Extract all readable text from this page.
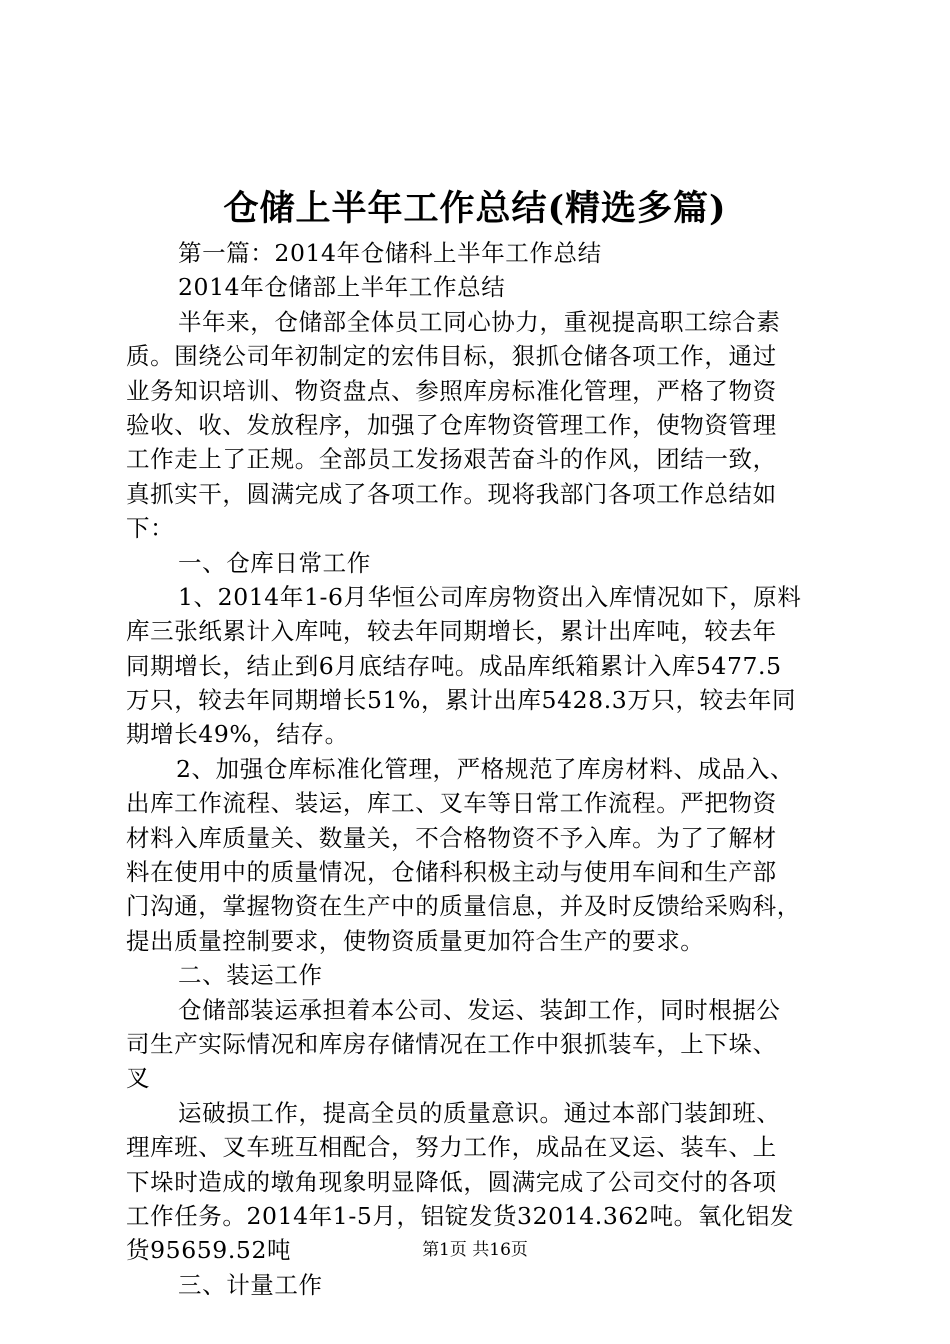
仓储上半年工作总结(精选多篇)
第一篇：2014年仓储科上半年工作总结
2014年仓储部上半年工作总结
半年来，仓储部全体员工同心协力，重视提高职工综合素
质。围绕公司年初制定的宏伟目标，狠抓仓储各项工作，通过
业务知识培训、物资盘点、参照库房标准化管理，严格了物资
验收、收、发放程序，加强了仓库物资管理工作，使物资管理
工作走上了正规。全部员工发扬艰苦奋斗的作风，团结一致，
真抓实干，圆满完成了各项工作。现将我部门各项工作总结如
下：
一、仓库日常工作
1、2014年1-6月华恒公司库房物资出入库情况如下，原料
库三张纸累计入库吨，较去年同期增长，累计出库吨，较去年
同期增长，结止到6月底结存吨。成品库纸箱累计入库5477.5
万只，较去年同期增长51%，累计出库5428.3万只，较去年同
期增长49%，结存。
2、加强仓库标准化管理，严格规范了库房材料、成品入、
出库工作流程、装运，库工、叉车等日常工作流程。严把物资
材料入库质量关、数量关，不合格物资不予入库。为了了解材
料在使用中的质量情况，仓储科积极主动与使用车间和生产部
门沟通，掌握物资在生产中的质量信息，并及时反馈给采购科，
提出质量控制要求，使物资质量更加符合生产的要求。
二、装运工作
仓储部装运承担着本公司、发运、装卸工作，同时根据公
司生产实际情况和库房存储情况在工作中狠抓装车，上下垛、
叉
运破损工作，提高全员的质量意识。通过本部门装卸班、
理库班、叉车班互相配合，努力工作，成品在叉运、装车、上
下垛时造成的墩角现象明显降低，圆满完成了公司交付的各项
工作任务。2014年1-5月，铝锭发货32014.362吨。氧化铝发
货95659.52吨
三、计量工作
第1页 共16页
